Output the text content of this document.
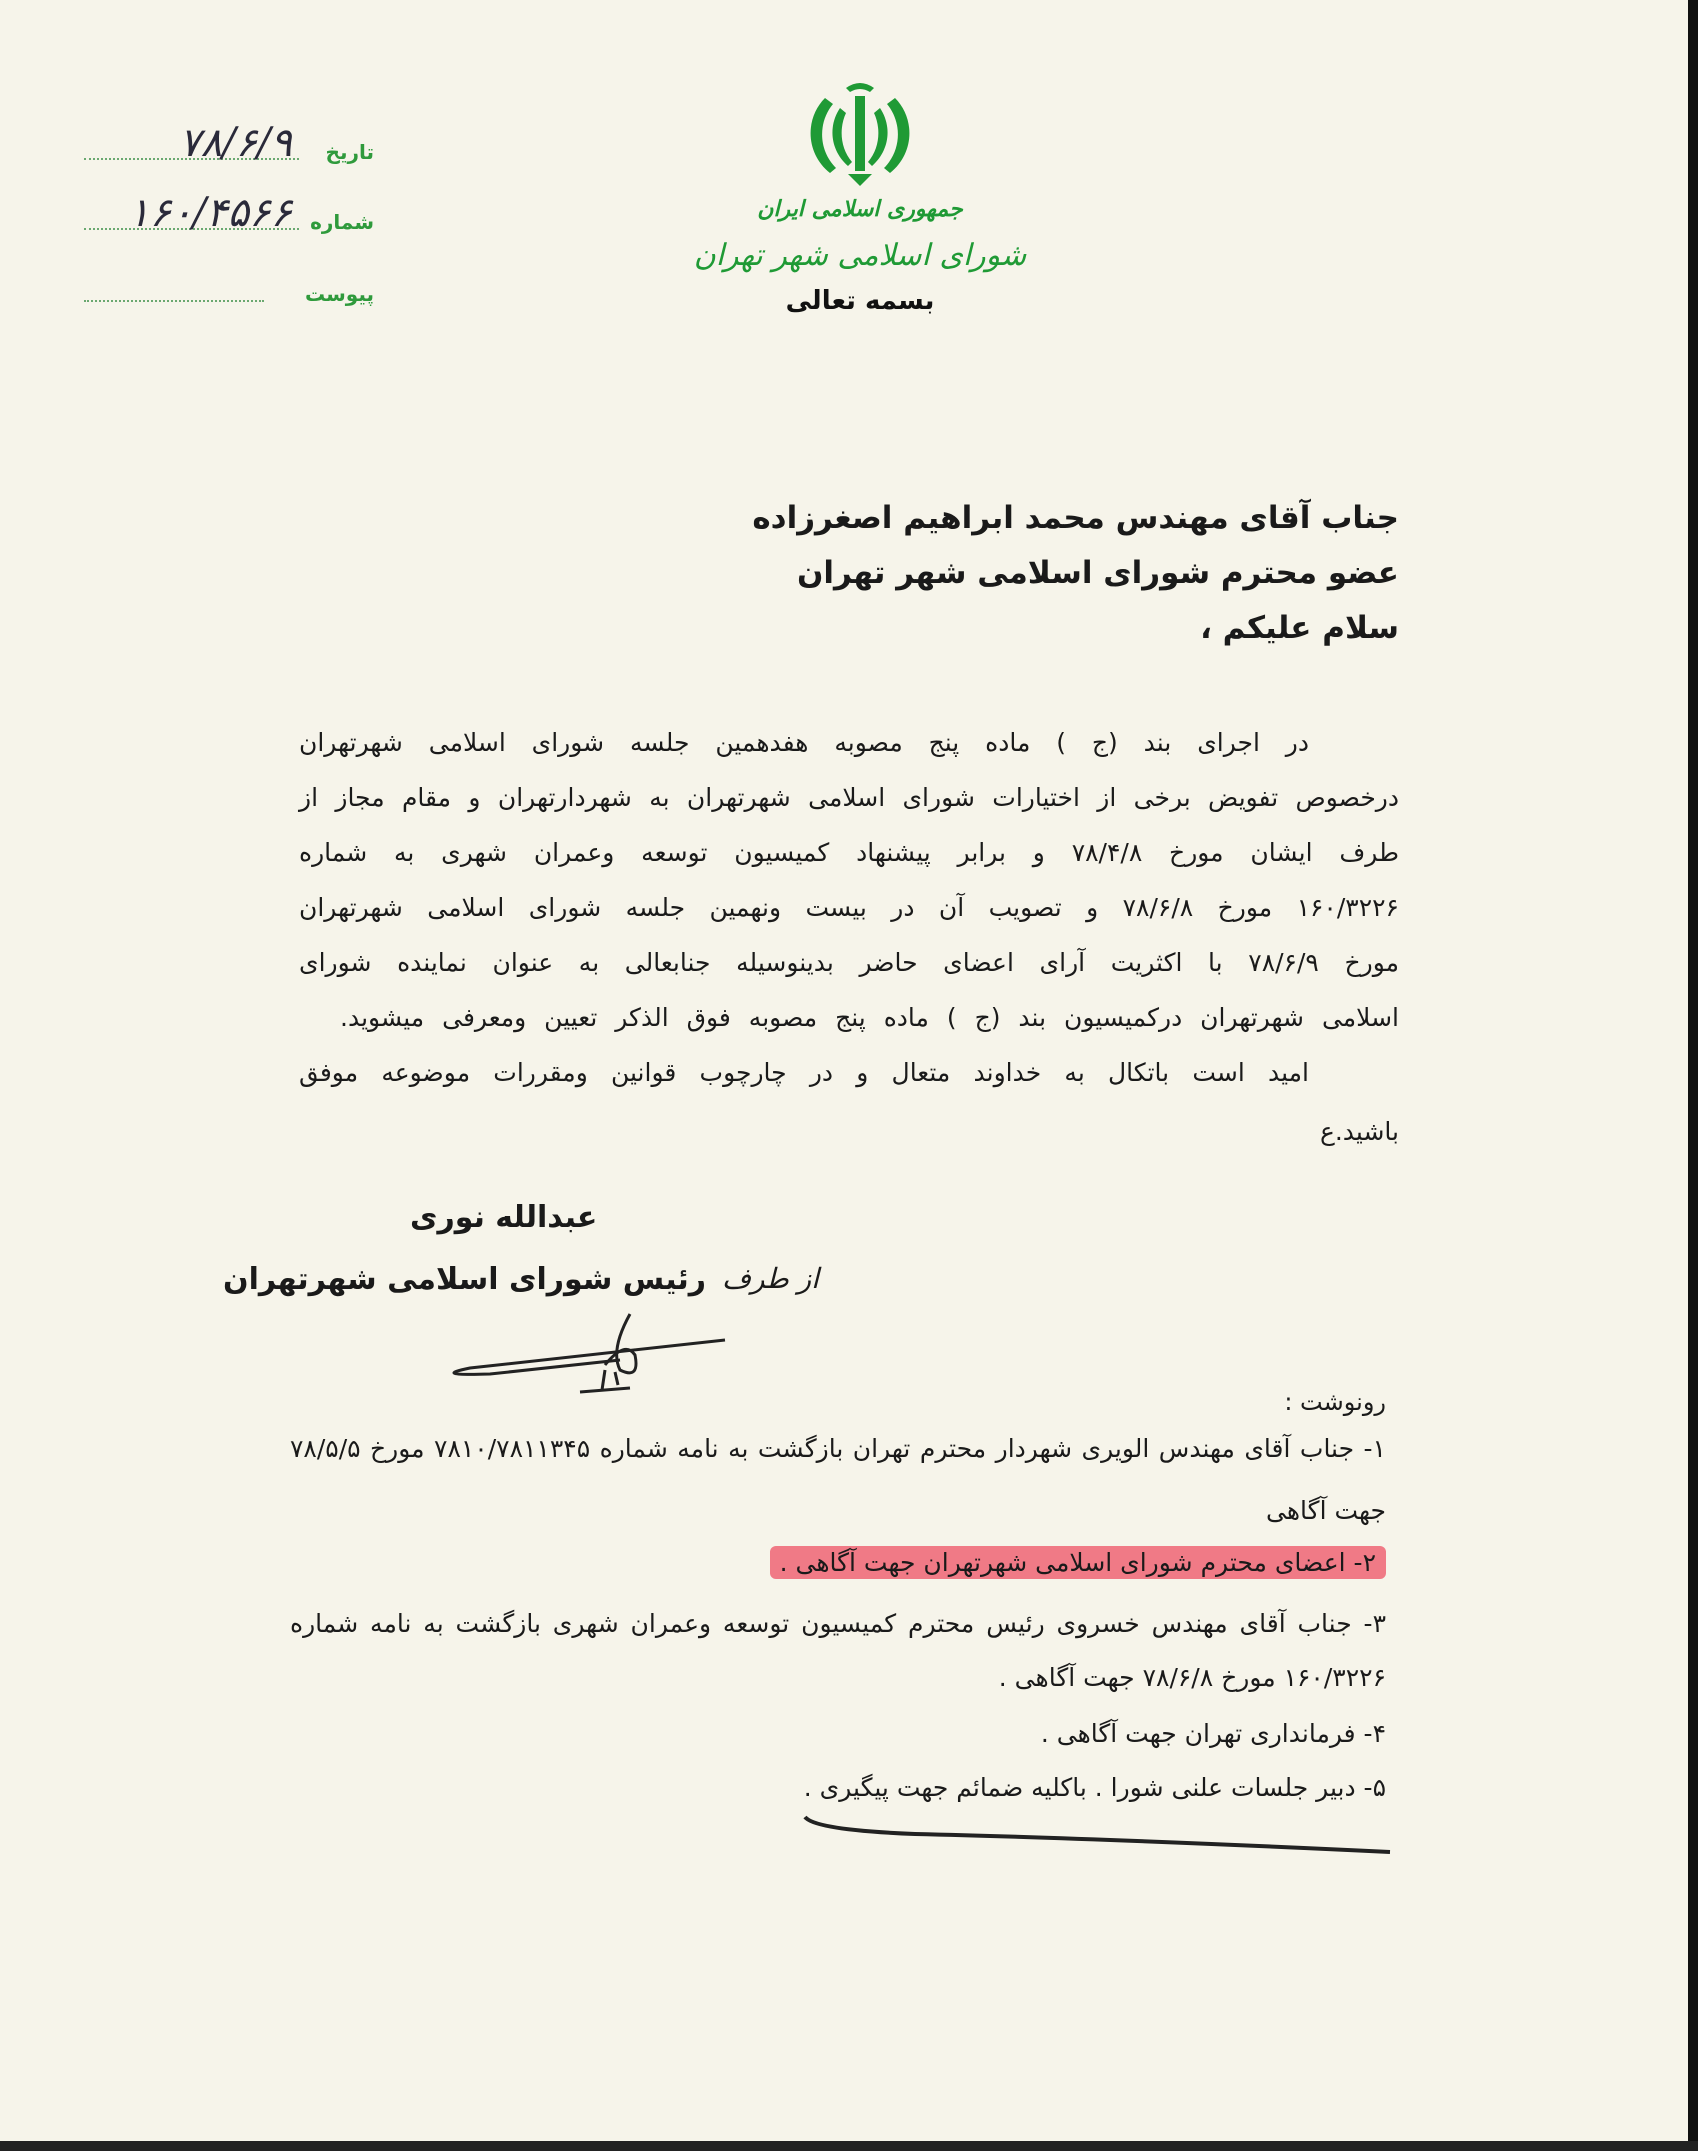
تاریخ
۷۸/۶/۹
شماره
۱۶۰/۴۵۶۶
پیوست
جمهوری اسلامی ایران
شورای اسلامی شهر تهران
بسمه تعالی
جناب آقای مهندس محمد ابراهیم اصغرزاده
عضو محترم شورای اسلامی شهر تهران
سلام علیکم ،
در اجرای بند (ج ) ماده پنج مصوبه هفدهمین جلسه شورای اسلامی شهرتهران
درخصوص تفویض برخی از اختیارات شورای اسلامی شهرتهران به شهردارتهران و مقام مجاز از
طرف ایشان مورخ ۷۸/۴/۸ و برابر پیشنهاد کمیسیون توسعه وعمران شهری به شماره
۱۶۰/۳۲۲۶ مورخ ۷۸/۶/۸ و تصویب آن در بیست ونهمین جلسه شورای اسلامی شهرتهران
مورخ ۷۸/۶/۹ با اکثریت آرای اعضای حاضر بدینوسیله جنابعالی به عنوان نماینده شورای
اسلامی شهرتهران درکمیسیون بند (ج ) ماده پنج مصوبه فوق الذکر تعیین ومعرفی میشوید.
امید است باتکال به خداوند متعال و در چارچوب قوانین ومقررات موضوعه موفق
باشید.ع
عبدالله نوری
رئیس شورای اسلامی شهرتهران از طرف
رونوشت :
۱- جناب آقای مهندس الویری شهردار محترم تهران بازگشت به نامه شماره ۷۸۱۰/۷۸۱۱۳۴۵ مورخ ۷۸/۵/۵
جهت آگاهی
۲- اعضای محترم شورای اسلامی شهرتهران جهت آگاهی .
۳- جناب آقای مهندس خسروی رئیس محترم کمیسیون توسعه وعمران شهری بازگشت به نامه شماره
۱۶۰/۳۲۲۶ مورخ ۷۸/۶/۸ جهت آگاهی .
۴- فرمانداری تهران جهت آگاهی .
۵- دبیر جلسات علنی شورا . باکلیه ضمائم جهت پیگیری .
